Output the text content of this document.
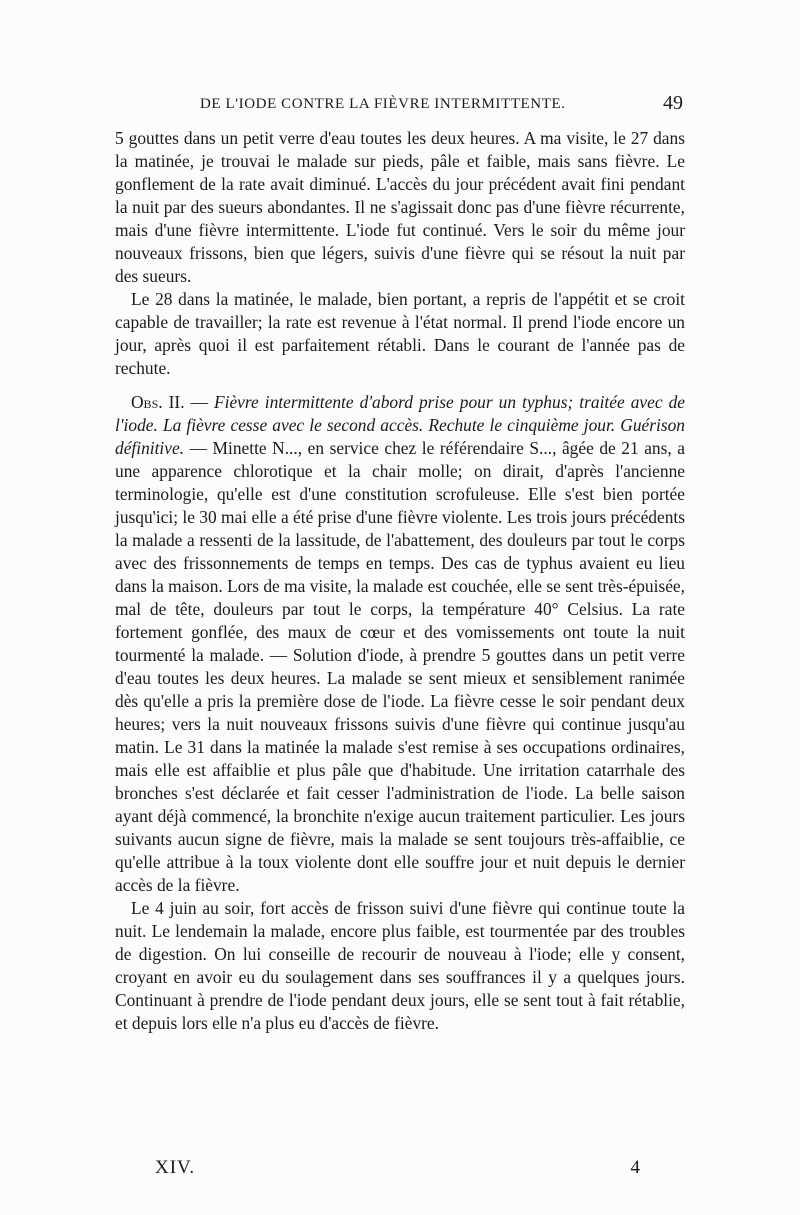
DE L'IODE CONTRE LA FIÈVRE INTERMITTENTE.	49

5 gouttes dans un petit verre d'eau toutes les deux heures. A ma visite, le 27 dans la matinée, je trouvai le malade sur pieds, pâle et faible, mais sans fièvre. Le gonflement de la rate avait diminué. L'accès du jour précédent avait fini pendant la nuit par des sueurs abondantes. Il ne s'agissait donc pas d'une fièvre récurrente, mais d'une fièvre intermittente. L'iode fut continué. Vers le soir du même jour nouveaux frissons, bien que légers, suivis d'une fièvre qui se résout la nuit par des sueurs.

Le 28 dans la matinée, le malade, bien portant, a repris de l'appétit et se croit capable de travailler; la rate est revenue à l'état normal. Il prend l'iode encore un jour, après quoi il est parfaitement rétabli. Dans le courant de l'année pas de rechute.

Obs. II. — Fièvre intermittente d'abord prise pour un typhus; traitée avec de l'iode. La fièvre cesse avec le second accès. Rechute le cinquième jour. Guérison définitive. — Minette N..., en service chez le référendaire S..., âgée de 21 ans, a une apparence chlorotique et la chair molle; on dirait, d'après l'ancienne terminologie, qu'elle est d'une constitution scrofuleuse. Elle s'est bien portée jusqu'ici; le 30 mai elle a été prise d'une fièvre violente. Les trois jours précédents la malade a ressenti de la lassitude, de l'abattement, des douleurs par tout le corps avec des frissonnements de temps en temps. Des cas de typhus avaient eu lieu dans la maison. Lors de ma visite, la malade est couchée, elle se sent très-épuisée, mal de tête, douleurs par tout le corps, la température 40° Celsius. La rate fortement gonflée, des maux de cœur et des vomissements ont toute la nuit tourmenté la malade. — Solution d'iode, à prendre 5 gouttes dans un petit verre d'eau toutes les deux heures. La malade se sent mieux et sensiblement ranimée dès qu'elle a pris la première dose de l'iode. La fièvre cesse le soir pendant deux heures; vers la nuit nouveaux frissons suivis d'une fièvre qui continue jusqu'au matin. Le 31 dans la matinée la malade s'est remise à ses occupations ordinaires, mais elle est affaiblie et plus pâle que d'habitude. Une irritation catarrhale des bronches s'est déclarée et fait cesser l'administration de l'iode. La belle saison ayant déjà commencé, la bronchite n'exige aucun traitement particulier. Les jours suivants aucun signe de fièvre, mais la malade se sent toujours très-affaiblie, ce qu'elle attribue à la toux violente dont elle souffre jour et nuit depuis le dernier accès de la fièvre.

Le 4 juin au soir, fort accès de frisson suivi d'une fièvre qui continue toute la nuit. Le lendemain la malade, encore plus faible, est tourmentée par des troubles de digestion. On lui conseille de recourir de nouveau à l'iode; elle y consent, croyant en avoir eu du soulagement dans ses souffrances il y a quelques jours. Continuant à prendre de l'iode pendant deux jours, elle se sent tout à fait rétablie, et depuis lors elle n'a plus eu d'accès de fièvre.

XIV.	4
